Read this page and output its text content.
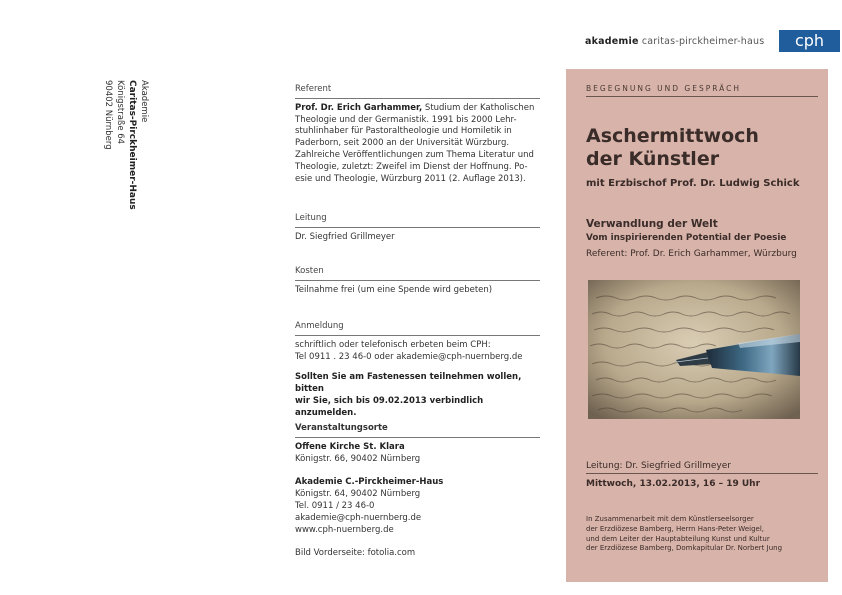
akademie caritas-pirckheimer-haus	cph
Akademie
Caritas-Pirckheimer-Haus
Königstraße 64
90402 Nürnberg	Referent

Prof. Dr. Erich Garhammer, Studium der Katholischen
Theologie und der Germanistik. 1991 bis 2000 Lehr-
stuhlinhaber für Pastoraltheologie und Homiletik in
Paderborn, seit 2000 an der Universität Würzburg.
Zahlreiche Veröffentlichungen zum Thema Literatur und
Theologie, zuletzt: Zweifel im Dienst der Hoffnung. Po-
esie und Theologie, Würzburg 2011 (2. Auflage 2013).

Leitung

Dr. Siegfried Grillmeyer

Kosten

Teilnahme frei (um eine Spende wird gebeten)

Anmeldung

schriftlich oder telefonisch erbeten beim CPH:

Tel 0911 . 23 46-0 oder akademie@cph-nuernberg.de

Sollten Sie am Fastenessen teilnehmen wollen, bitten

wir Sie, sich bis 09.02.2013 verbindlich anzumelden.

Veranstaltungsorte

Offene Kirche St. Klara

Königstr. 66, 90402 Nürnberg

Akademie C.-Pirckheimer-Haus

Königstr. 64, 90402 Nürnberg

Tel. 0911 / 23 46-0

akademie@cph-nuernberg.de

www.cph-nuernberg.de

Bild Vorderseite: fotolia.com

BEGEGNUNG UND GESPRÄCH
Aschermittwoch
der Künstler
mit Erzbischof Prof. Dr. Ludwig Schick
Verwandlung der Welt
Vom inspirierenden Potential der Poesie
Referent: Prof. Dr. Erich Garhammer, Würzburg
Leitung: Dr. Siegfried Grillmeyer
Mittwoch, 13.02.2013, 16 – 19 Uhr
In Zusammenarbeit mit dem Künstlerseelsorger
der Erzdiözese Bamberg, Herrn Hans-Peter Weigel,
und dem Leiter der Hauptabteilung Kunst und Kultur
der Erzdiözese Bamberg, Domkapitular Dr. Norbert Jung
